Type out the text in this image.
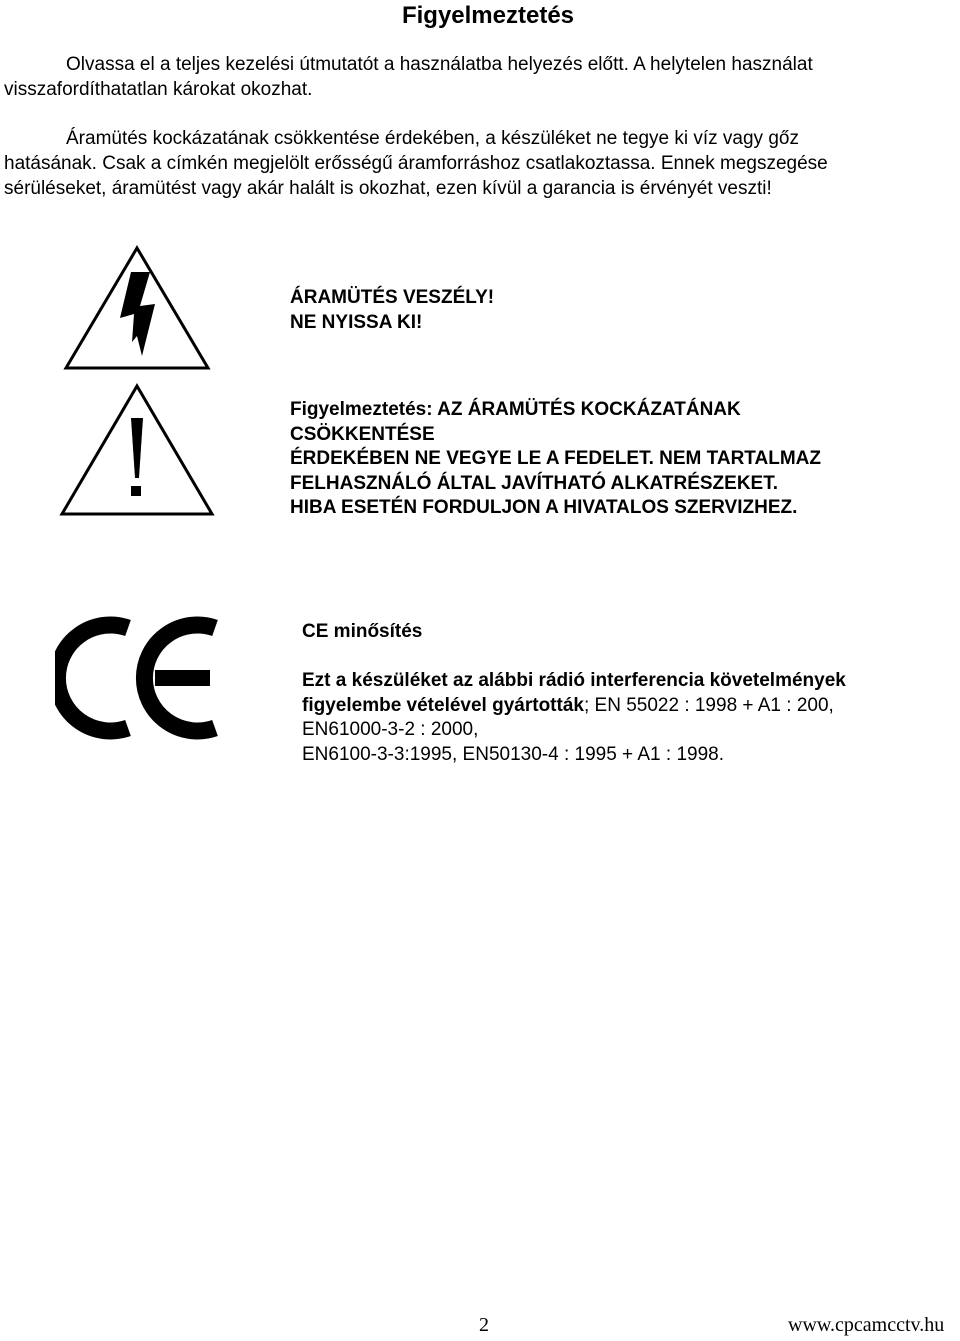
Figyelmeztetés

Olvassa el a teljes kezelési útmutatót a használatba helyezés előtt. A helytelen használat
visszafordíthatatlan károkat okozhat.

Áramütés kockázatának csökkentése érdekében, a készüléket ne tegye ki víz vagy gőz
hatásának. Csak a címkén megjelölt erősségű áramforráshoz csatlakoztassa. Ennek megszegése
sérüléseket, áramütést vagy akár halált is okozhat, ezen kívül a garancia is érvényét veszti!

ÁRAMÜTÉS VESZÉLY!
NE NYISSA KI!
Figyelmeztetés: AZ ÁRAMÜTÉS KOCKÁZATÁNAK
CSÖKKENTÉSE
ÉRDEKÉBEN NE VEGYE LE A FEDELET. NEM TARTALMAZ
FELHASZNÁLÓ ÁLTAL JAVÍTHATÓ ALKATRÉSZEKET.
HIBA ESETÉN FORDULJON A HIVATALOS SZERVIZHEZ.
CE minősítés
Ezt a készüléket az alábbi rádió interferencia követelmények
figyelembe vételével gyártották; EN 55022 : 1998 + A1 : 200,
EN61000-3-2 : 2000,
EN6100-3-3:1995, EN50130-4 : 1995 + A1 : 1998.
2	www.cpcamcctv.hu
